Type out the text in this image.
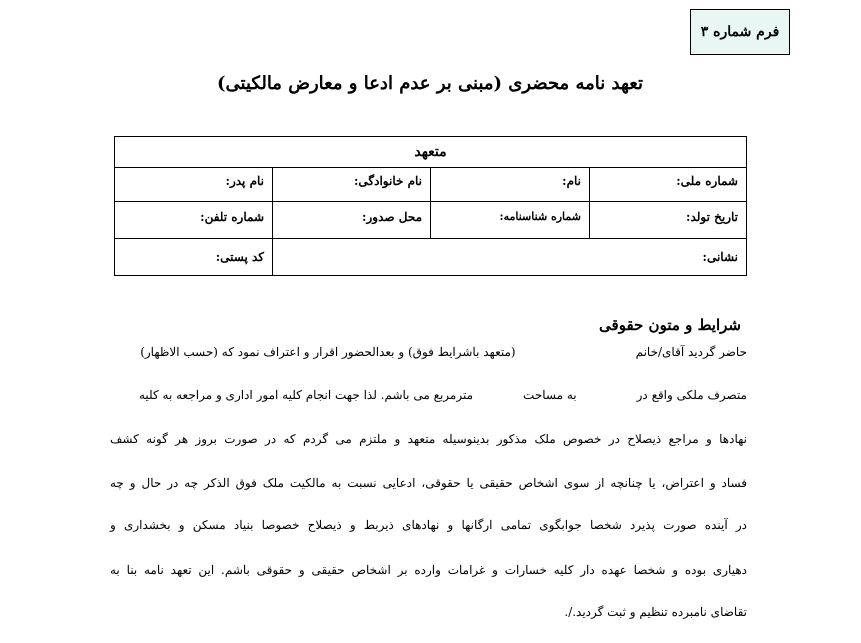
فرم شماره ۳
تعهد نامه محضری (مبنی بر عدم ادعا و معارض مالکیتی)
متعهد			
شماره ملی:	نام:	نام خانوادگی:	نام پدر:
تاریخ تولد:	شماره شناسنامه:	محل صدور:	شماره تلفن:
نشانی:			کد پستی:
شرایط و متون حقوقی
حاضر گردید آقای/خانم(متعهد باشرایط فوق) و بعدالحضور اقرار و اعتراف نمود که (حسب الاظهار)
متصرف ملکی واقع دربه مساحتمترمربع می باشم. لذا جهت انجام کلیه امور اداری و مراجعه به کلیه
نهادها و مراجع ذیصلاح در خصوص ملک مذکور بدینوسیله متعهد و ملتزم می گردم که در صورت بروز هر گونه کشف
فساد و اعتراض، یا چنانچه از سوی اشخاص حقیقی یا حقوقی، ادعایی نسبت به مالکیت ملک فوق الذکر چه در حال و چه
در آینده صورت پذیرد شخصا جوابگوی تمامی ارگانها و نهادهای ذیربط و ذیصلاح خصوصا بنیاد مسکن و بخشداری و
دهیاری بوده و شخصا عهده دار کلیه خسارات و غرامات وارده بر اشخاص حقیقی و حقوقی باشم. این تعهد نامه بنا به
تقاضای نامبرده تنظیم و ثبت گردید./.
